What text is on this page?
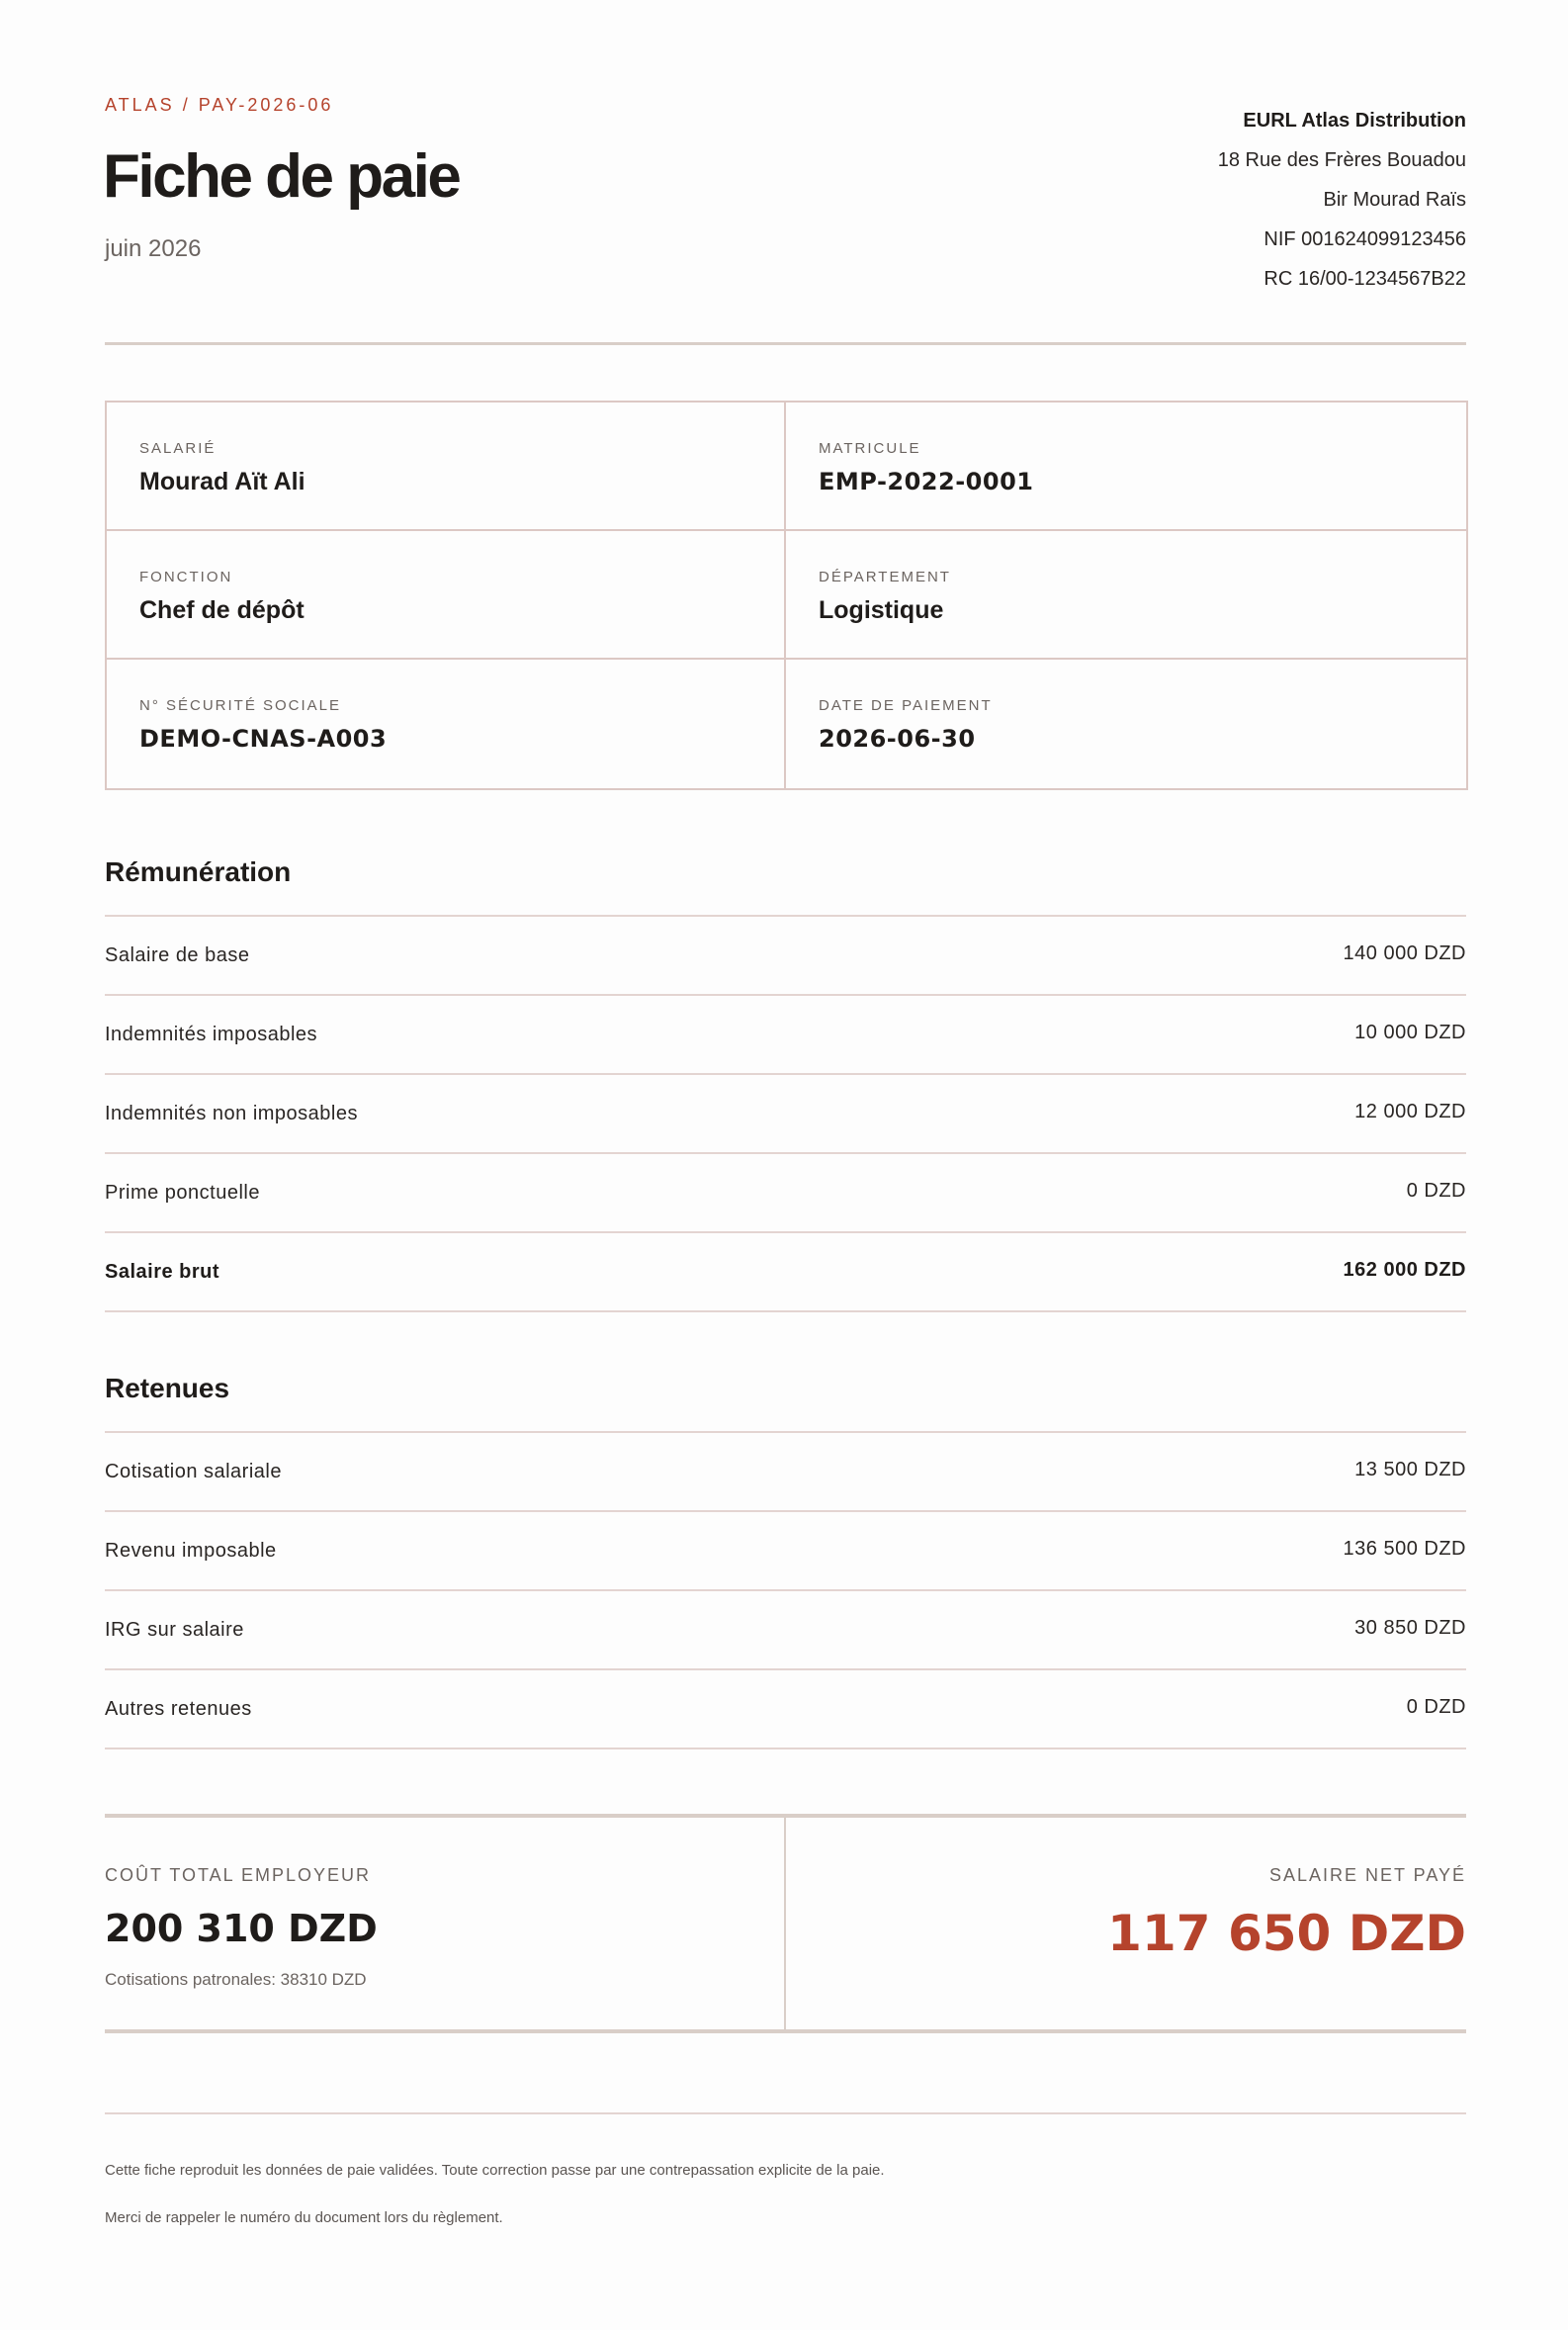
ATLAS / PAY-2026-06
Fiche de paie
juin 2026
EURL Atlas Distribution
18 Rue des Frères Bouadou
Bir Mourad Raïs
NIF 001624099123456
RC 16/00-1234567B22
SALARIÉ
Mourad Aït Ali
MATRICULE
EMP-2022-0001
FONCTION
Chef de dépôt
DÉPARTEMENT
Logistique
N° SÉCURITÉ SOCIALE
DEMO-CNAS-A003
DATE DE PAIEMENT
2026-06-30
Rémunération
Salaire de base	140 000 DZD
Indemnités imposables	10 000 DZD
Indemnités non imposables	12 000 DZD
Prime ponctuelle	0 DZD
Salaire brut	162 000 DZD
Retenues
Cotisation salariale	13 500 DZD
Revenu imposable	136 500 DZD
IRG sur salaire	30 850 DZD
Autres retenues	0 DZD
COÛT TOTAL EMPLOYEUR
200 310 DZD
Cotisations patronales: 38310 DZD
SALAIRE NET PAYÉ
117 650 DZD
Cette fiche reproduit les données de paie validées. Toute correction passe par une contrepassation explicite de la paie.
Merci de rappeler le numéro du document lors du règlement.
